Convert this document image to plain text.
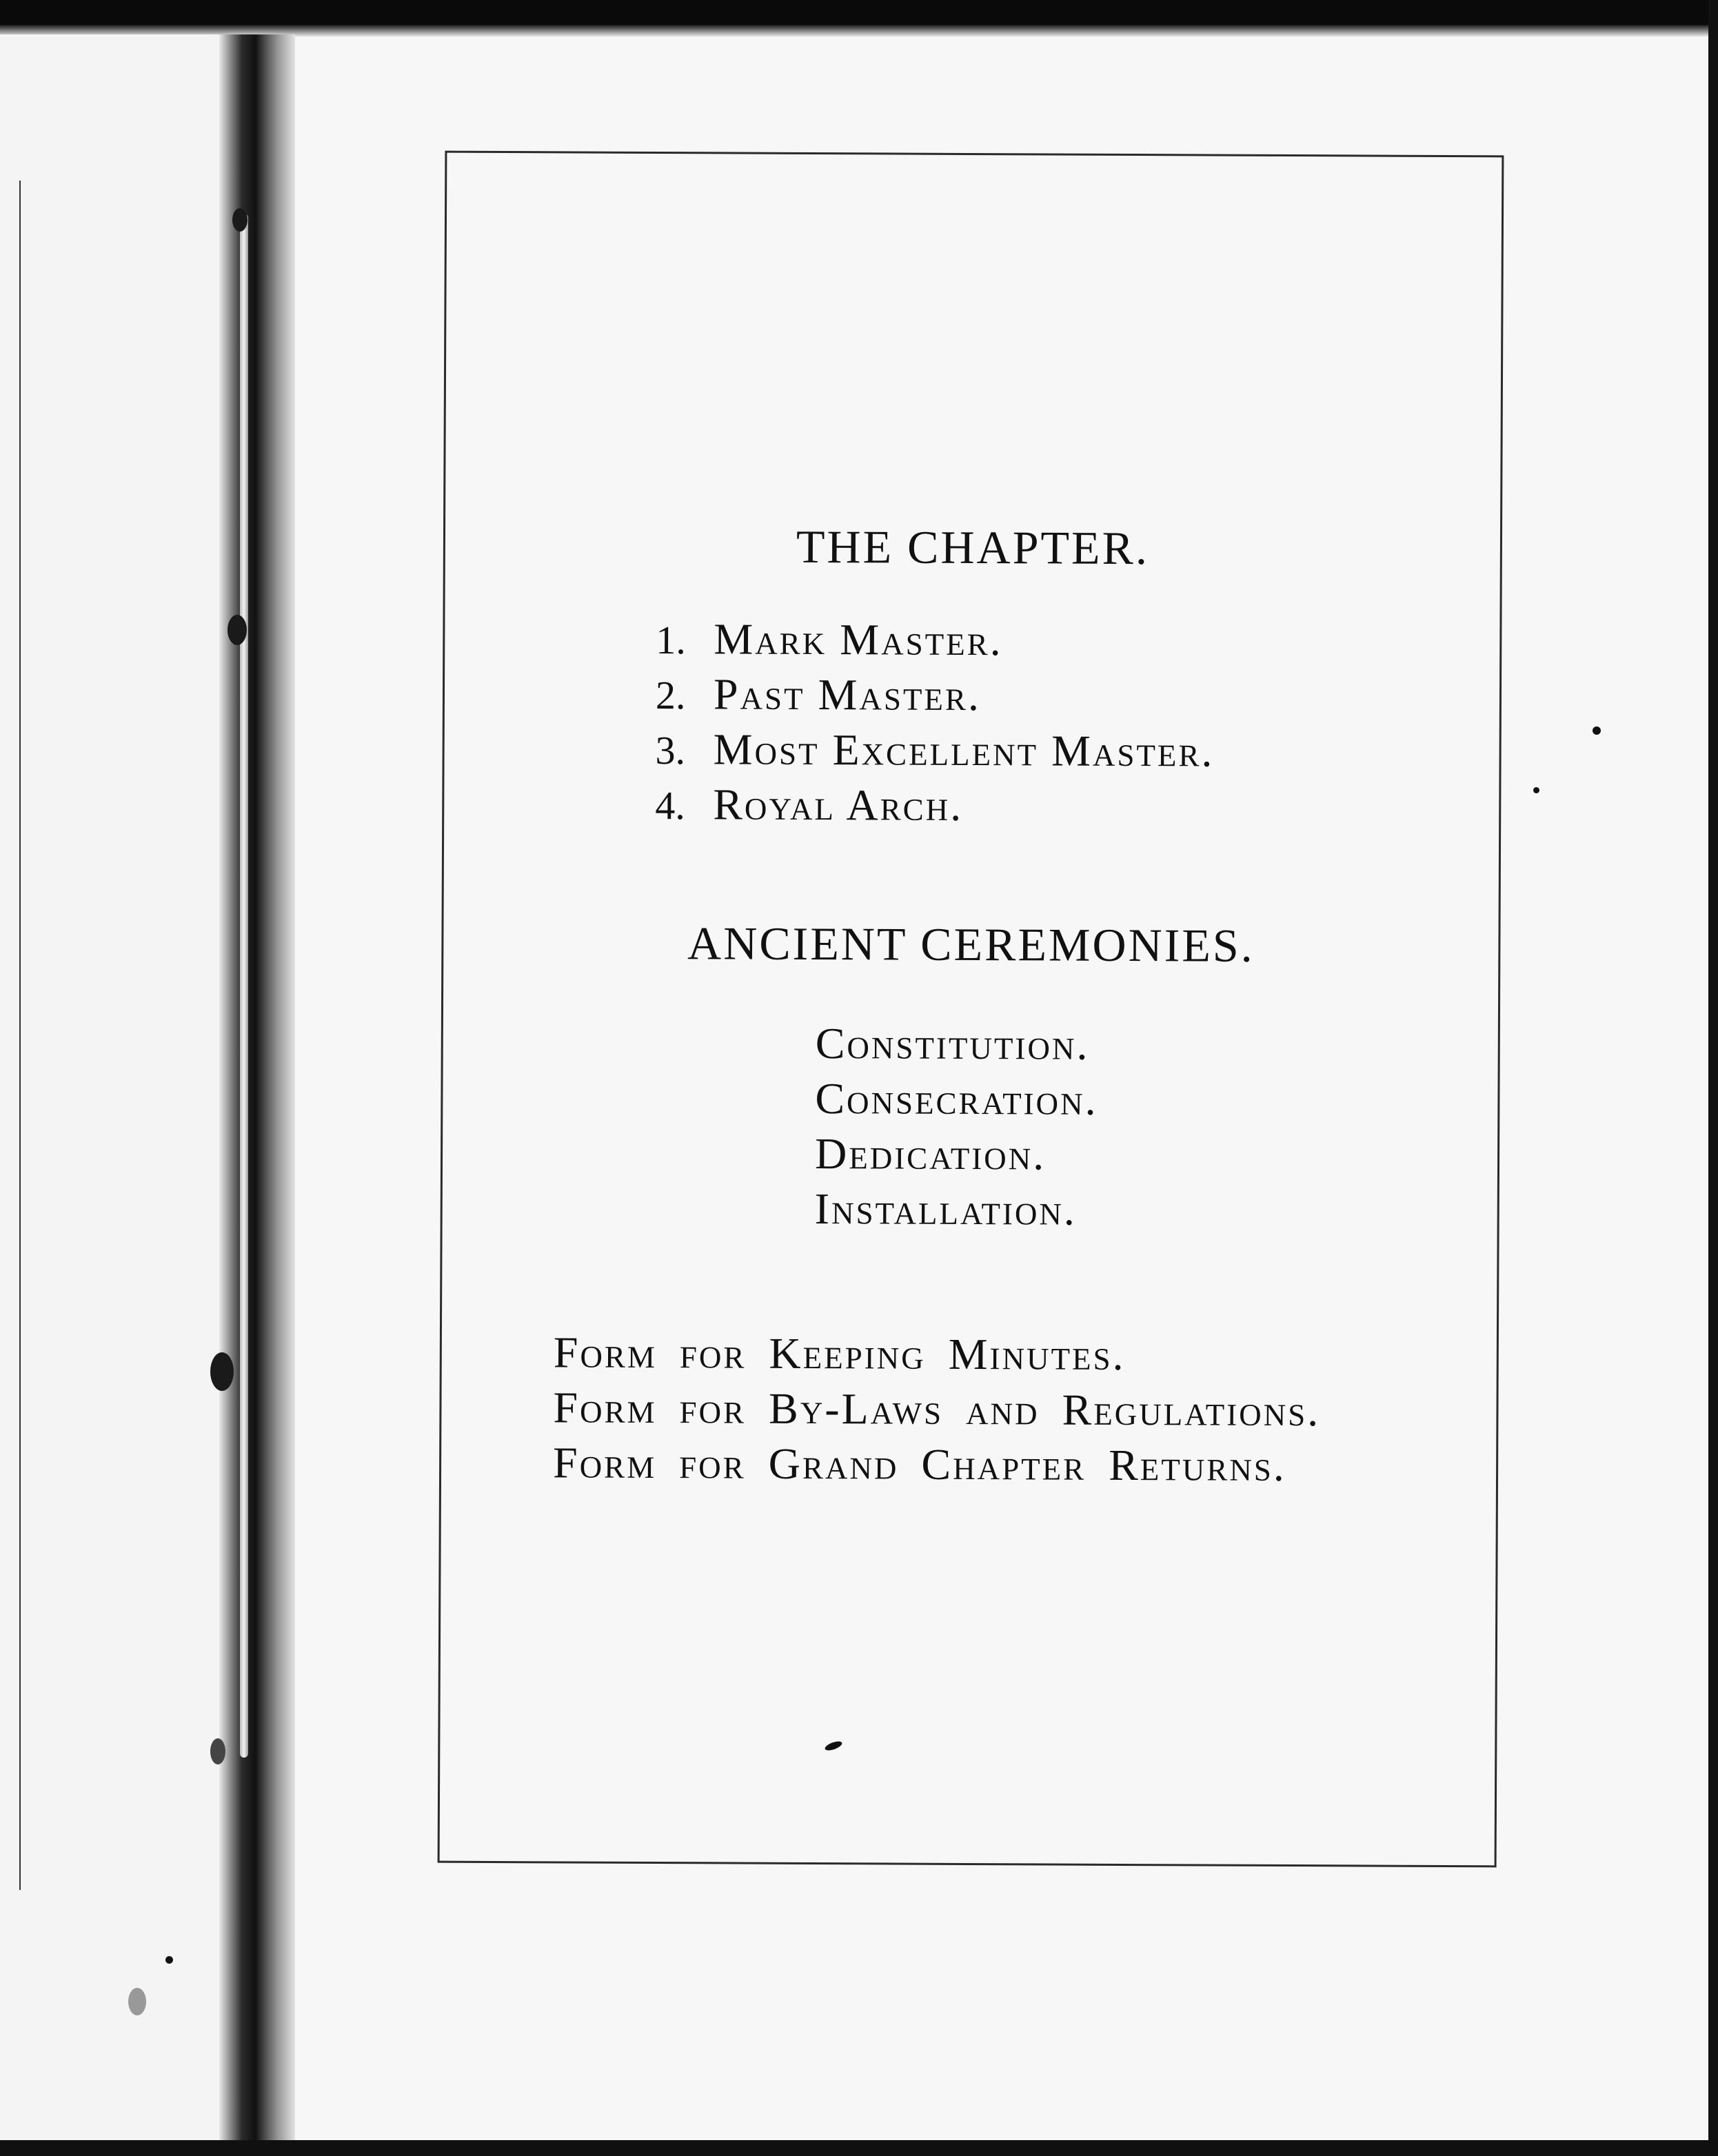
THE CHAPTER.
1. Mark Master.
2. Past Master.
3. Most Excellent Master.
4. Royal Arch.
ANCIENT CEREMONIES.
Constitution.
Consecration.
Dedication.
Installation.
Form for Keeping Minutes.
Form for By-Laws and Regulations.
Form for Grand Chapter Returns.
